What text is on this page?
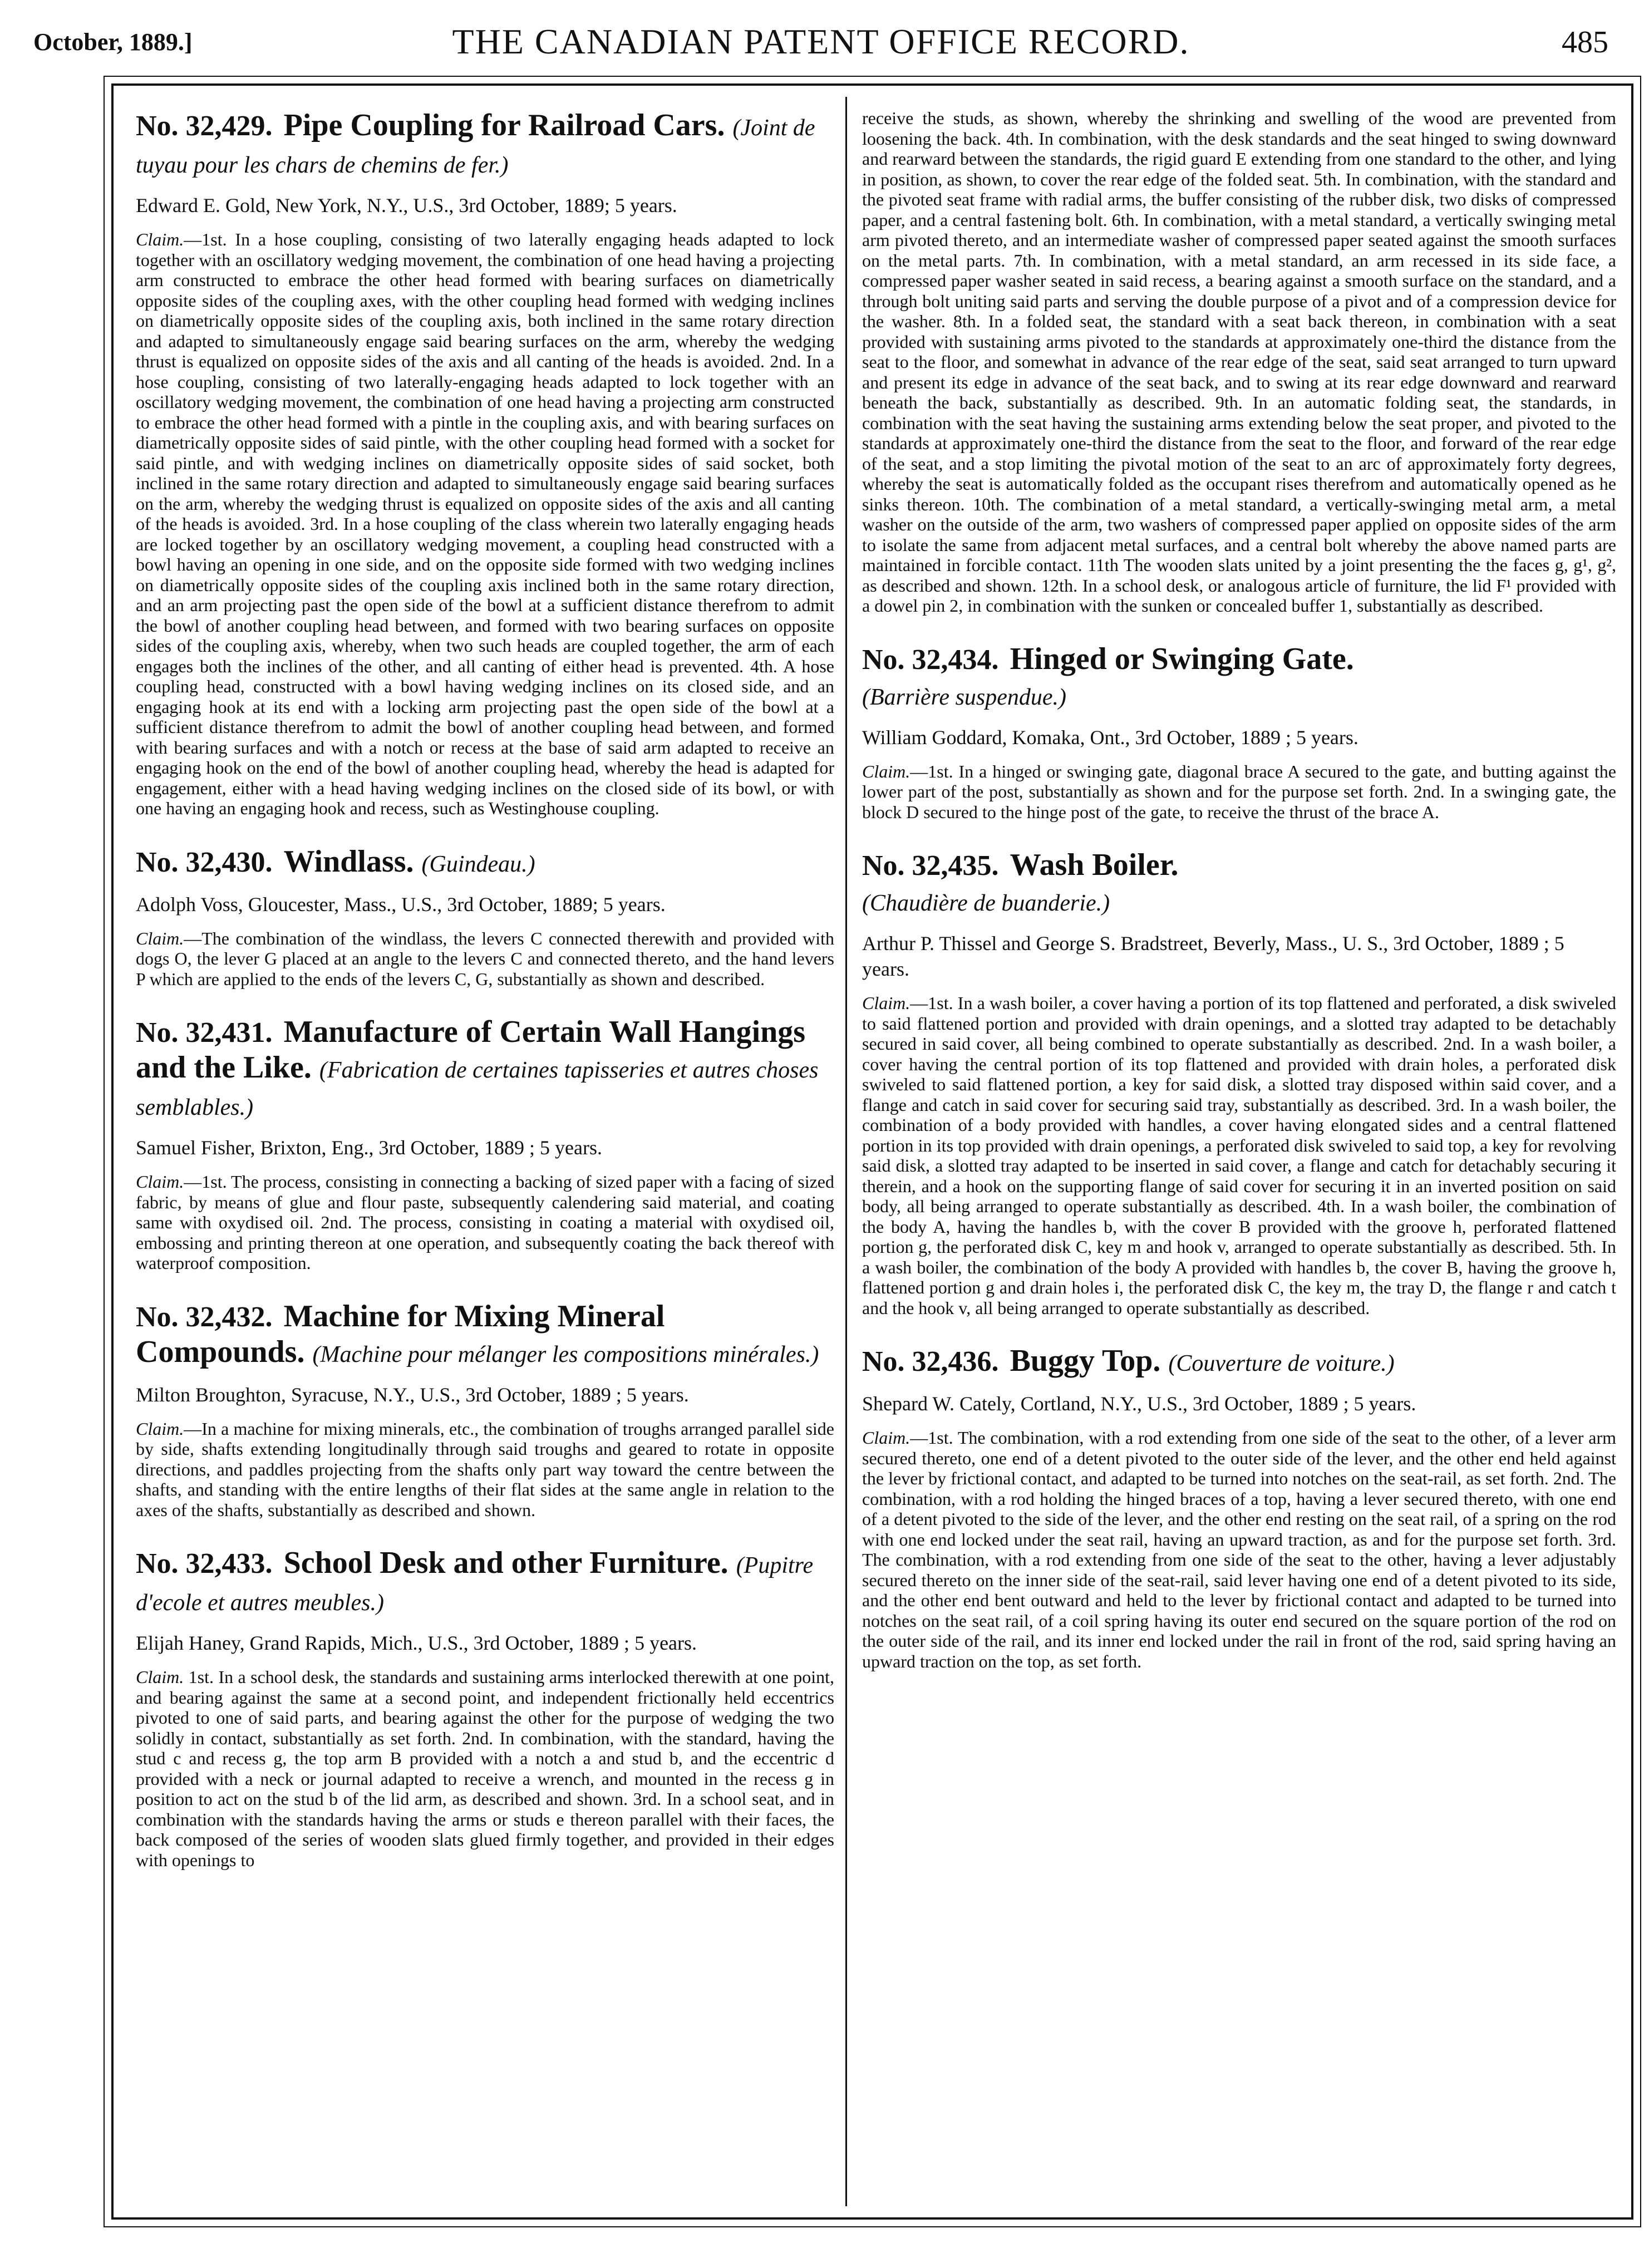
October, 1889.]	THE CANADIAN PATENT OFFICE RECORD.	485
No. 32,429. Pipe Coupling for Railroad Cars. (Joint de tuyau pour les chars de chemins de fer.)
Edward E. Gold, New York, N.Y., U.S., 3rd October, 1889; 5 years.
Claim.—1st. In a hose coupling, consisting of two laterally engaging heads adapted to lock together with an oscillatory wedging movement, the combination of one head having a projecting arm constructed to embrace the other head formed with bearing surfaces on diametrically opposite sides of the coupling axes, with the other coupling head formed with wedging inclines on diametrically opposite sides of the coupling axis, both inclined in the same rotary direction and adapted to simultaneously engage said bearing surfaces on the arm, whereby the wedging thrust is equalized on opposite sides of the axis and all canting of the heads is avoided. 2nd. In a hose coupling, consisting of two laterally-engaging heads adapted to lock together with an oscillatory wedging movement, the combination of one head having a projecting arm constructed to embrace the other head formed with a pintle in the coupling axis, and with bearing surfaces on diametrically opposite sides of said pintle, with the other coupling head formed with a socket for said pintle, and with wedging inclines on diametrically opposite sides of said socket, both inclined in the same rotary direction and adapted to simultaneously engage said bearing surfaces on the arm, whereby the wedging thrust is equalized on opposite sides of the axis and all canting of the heads is avoided. 3rd. In a hose coupling of the class wherein two laterally engaging heads are locked together by an oscillatory wedging movement, a coupling head constructed with a bowl having an opening in one side, and on the opposite side formed with two wedging inclines on diametrically opposite sides of the coupling axis inclined both in the same rotary direction, and an arm projecting past the open side of the bowl at a sufficient distance therefrom to admit the bowl of another coupling head between, and formed with two bearing surfaces on opposite sides of the coupling axis, whereby, when two such heads are coupled together, the arm of each engages both the inclines of the other, and all canting of either head is prevented. 4th. A hose coupling head, constructed with a bowl having wedging inclines on its closed side, and an engaging hook at its end with a locking arm projecting past the open side of the bowl at a sufficient distance therefrom to admit the bowl of another coupling head between, and formed with bearing surfaces and with a notch or recess at the base of said arm adapted to receive an engaging hook on the end of the bowl of another coupling head, whereby the head is adapted for engagement, either with a head having wedging inclines on the closed side of its bowl, or with one having an engaging hook and recess, such as Westinghouse coupling.
No. 32,430. Windlass. (Guindeau.)
Adolph Voss, Gloucester, Mass., U.S., 3rd October, 1889; 5 years.
Claim.—The combination of the windlass, the levers C connected therewith and provided with dogs O, the lever G placed at an angle to the levers C and connected thereto, and the hand levers P which are applied to the ends of the levers C, G, substantially as shown and described.
No. 32,431. Manufacture of Certain Wall Hangings and the Like. (Fabrication de certaines tapisseries et autres choses semblables.)
Samuel Fisher, Brixton, Eng., 3rd October, 1889 ; 5 years.
Claim.—1st. The process, consisting in connecting a backing of sized paper with a facing of sized fabric, by means of glue and flour paste, subsequently calendering said material, and coating same with oxydised oil. 2nd. The process, consisting in coating a material with oxydised oil, embossing and printing thereon at one operation, and subsequently coating the back thereof with waterproof composition.
No. 32,432. Machine for Mixing Mineral Compounds. (Machine pour mélanger les compositions minérales.)
Milton Broughton, Syracuse, N.Y., U.S., 3rd October, 1889 ; 5 years.
Claim.—In a machine for mixing minerals, etc., the combination of troughs arranged parallel side by side, shafts extending longitudinally through said troughs and geared to rotate in opposite directions, and paddles projecting from the shafts only part way toward the centre between the shafts, and standing with the entire lengths of their flat sides at the same angle in relation to the axes of the shafts, substantially as described and shown.
No. 32,433. School Desk and other Furniture. (Pupitre d'ecole et autres meubles.)
Elijah Haney, Grand Rapids, Mich., U.S., 3rd October, 1889 ; 5 years.
Claim. 1st. In a school desk, the standards and sustaining arms interlocked therewith at one point, and bearing against the same at a second point, and independent frictionally held eccentrics pivoted to one of said parts, and bearing against the other for the purpose of wedging the two solidly in contact, substantially as set forth. 2nd. In combination, with the standard, having the stud c and recess g, the top arm B provided with a notch a and stud b, and the eccentric d provided with a neck or journal adapted to receive a wrench, and mounted in the recess g in position to act on the stud b of the lid arm, as described and shown. 3rd. In a school seat, and in combination with the standards having the arms or studs e thereon parallel with their faces, the back composed of the series of wooden slats glued firmly together, and provided in their edges with openings to
receive the studs, as shown, whereby the shrinking and swelling of the wood are prevented from loosening the back. 4th. In combination, with the desk standards and the seat hinged to swing downward and rearward between the standards, the rigid guard E extending from one standard to the other, and lying in position, as shown, to cover the rear edge of the folded seat. 5th. In combination, with the standard and the pivoted seat frame with radial arms, the buffer consisting of the rubber disk, two disks of compressed paper, and a central fastening bolt. 6th. In combination, with a metal standard, a vertically swinging metal arm pivoted thereto, and an intermediate washer of compressed paper seated against the smooth surfaces on the metal parts. 7th. In combination, with a metal standard, an arm recessed in its side face, a compressed paper washer seated in said recess, a bearing against a smooth surface on the standard, and a through bolt uniting said parts and serving the double purpose of a pivot and of a compression device for the washer. 8th. In a folded seat, the standard with a seat back thereon, in combination with a seat provided with sustaining arms pivoted to the standards at approximately one-third the distance from the seat to the floor, and somewhat in advance of the rear edge of the seat, said seat arranged to turn upward and present its edge in advance of the seat back, and to swing at its rear edge downward and rearward beneath the back, substantially as described. 9th. In an automatic folding seat, the standards, in combination with the seat having the sustaining arms extending below the seat proper, and pivoted to the standards at approximately one-third the distance from the seat to the floor, and forward of the rear edge of the seat, and a stop limiting the pivotal motion of the seat to an arc of approximately forty degrees, whereby the seat is automatically folded as the occupant rises therefrom and automatically opened as he sinks thereon. 10th. The combination of a metal standard, a vertically-swinging metal arm, a metal washer on the outside of the arm, two washers of compressed paper applied on opposite sides of the arm to isolate the same from adjacent metal surfaces, and a central bolt whereby the above named parts are maintained in forcible contact. 11th The wooden slats united by a joint presenting the the faces g, g¹, g², as described and shown. 12th. In a school desk, or analogous article of furniture, the lid F¹ provided with a dowel pin 2, in combination with the sunken or concealed buffer 1, substantially as described.
No. 32,434. Hinged or Swinging Gate.
(Barrière suspendue.)
William Goddard, Komaka, Ont., 3rd October, 1889 ; 5 years.
Claim.—1st. In a hinged or swinging gate, diagonal brace A secured to the gate, and butting against the lower part of the post, substantially as shown and for the purpose set forth. 2nd. In a swinging gate, the block D secured to the hinge post of the gate, to receive the thrust of the brace A.
No. 32,435. Wash Boiler.
(Chaudière de buanderie.)
Arthur P. Thissel and George S. Bradstreet, Beverly, Mass., U. S., 3rd October, 1889 ; 5 years.
Claim.—1st. In a wash boiler, a cover having a portion of its top flattened and perforated, a disk swiveled to said flattened portion and provided with drain openings, and a slotted tray adapted to be detachably secured in said cover, all being combined to operate substantially as described. 2nd. In a wash boiler, a cover having the central portion of its top flattened and provided with drain holes, a perforated disk swiveled to said flattened portion, a key for said disk, a slotted tray disposed within said cover, and a flange and catch in said cover for securing said tray, substantially as described. 3rd. In a wash boiler, the combination of a body provided with handles, a cover having elongated sides and a central flattened portion in its top provided with drain openings, a perforated disk swiveled to said top, a key for revolving said disk, a slotted tray adapted to be inserted in said cover, a flange and catch for detachably securing it therein, and a hook on the supporting flange of said cover for securing it in an inverted position on said body, all being arranged to operate substantially as described. 4th. In a wash boiler, the combination of the body A, having the handles b, with the cover B provided with the groove h, perforated flattened portion g, the perforated disk C, key m and hook v, arranged to operate substantially as described. 5th. In a wash boiler, the combination of the body A provided with handles b, the cover B, having the groove h, flattened portion g and drain holes i, the perforated disk C, the key m, the tray D, the flange r and catch t and the hook v, all being arranged to operate substantially as described.
No. 32,436. Buggy Top. (Couverture de voiture.)
Shepard W. Cately, Cortland, N.Y., U.S., 3rd October, 1889 ; 5 years.
Claim.—1st. The combination, with a rod extending from one side of the seat to the other, of a lever arm secured thereto, one end of a detent pivoted to the outer side of the lever, and the other end held against the lever by frictional contact, and adapted to be turned into notches on the seat-rail, as set forth. 2nd. The combination, with a rod holding the hinged braces of a top, having a lever secured thereto, with one end of a detent pivoted to the side of the lever, and the other end resting on the seat rail, of a spring on the rod with one end locked under the seat rail, having an upward traction, as and for the purpose set forth. 3rd. The combination, with a rod extending from one side of the seat to the other, having a lever adjustably secured thereto on the inner side of the seat-rail, said lever having one end of a detent pivoted to its side, and the other end bent outward and held to the lever by frictional contact and adapted to be turned into notches on the seat rail, of a coil spring having its outer end secured on the square portion of the rod on the outer side of the rail, and its inner end locked under the rail in front of the rod, said spring having an upward traction on the top, as set forth.
